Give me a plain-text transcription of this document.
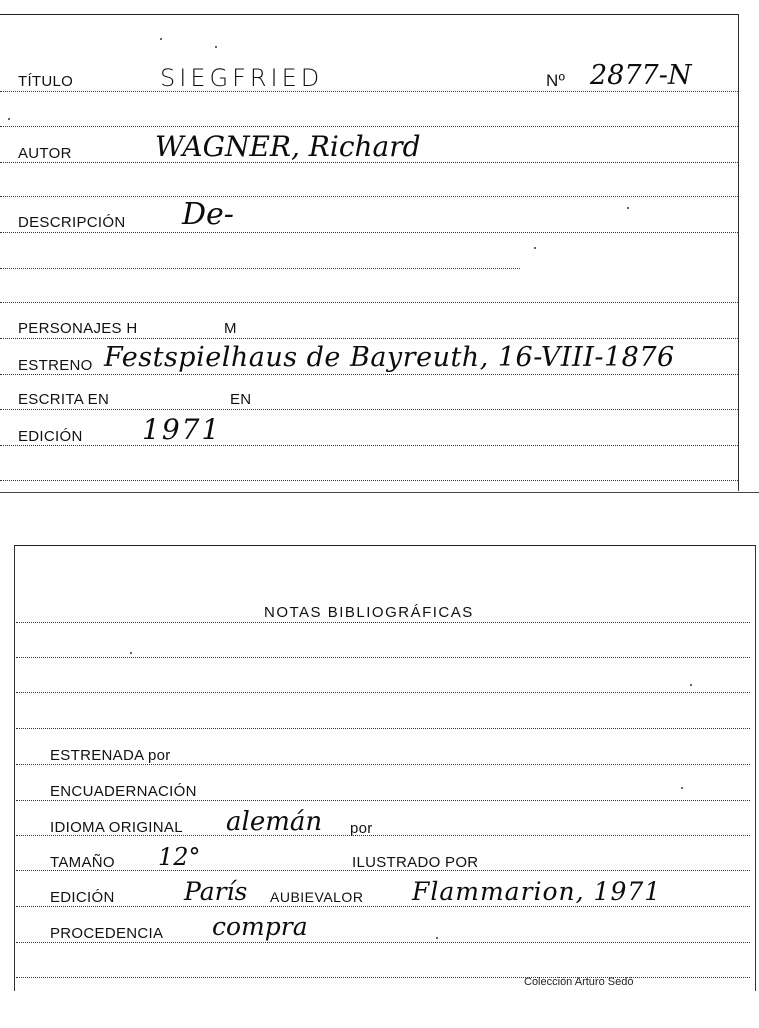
TÍTULO	SIEGFRIED	Nº 2877-N
AUTOR	WAGNER, Richard
DESCRIPCIÓN De-
PERSONAJES H	M
ESTRENO Festspielhaus de Bayreuth, 16-VIII-1876
ESCRITA EN	EN
EDICIÓN 1971
NOTAS BIBLIOGRÁFICAS
ESTRENADA por
ENCUADERNACIÓN
IDIOMA ORIGINAL alemán por
TAMAÑO 12°	ILUSTRADO POR
EDICIÓN	París AUBIEVALOR Flammarion, 1971
PROCEDENCIA compra
Colección Arturo Sedó
